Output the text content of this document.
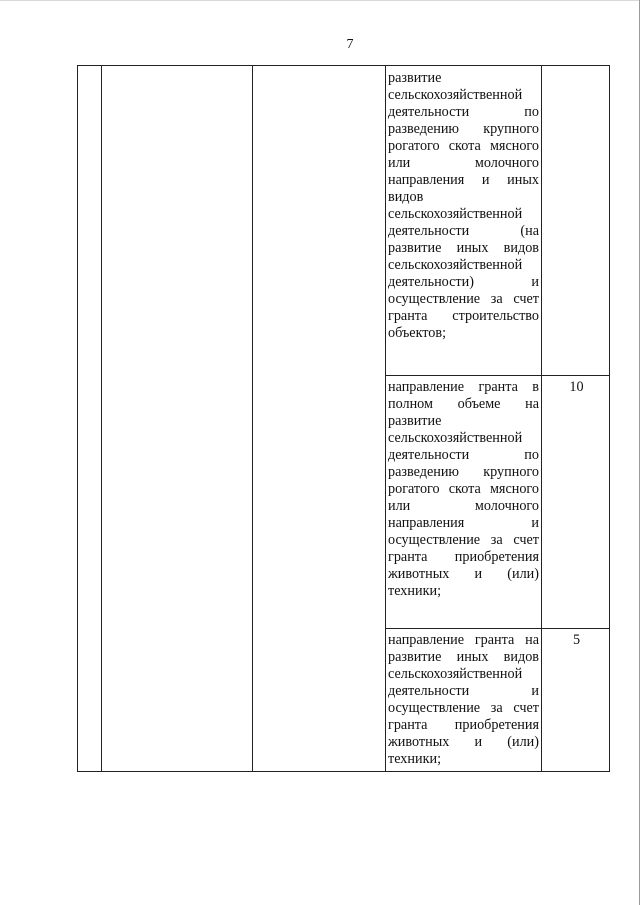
7
развитие сельскохозяйственной деятельности по разведению крупного рогатого скота мясного или молочного направления и иных видов сельскохозяйственной деятельности (на развитие иных видов сельскохозяйственной деятельности) и осуществление за счет гранта строительство объектов;
направление гранта в полном объеме на развитие сельскохозяйственной деятельности по разведению крупного рогатого скота мясного или молочного направления и осуществление за счет гранта приобретения животных и (или) техники;
10
направление гранта на развитие иных видов сельскохозяйственной деятельности и осуществление за счет гранта приобретения животных и (или) техники;
5
